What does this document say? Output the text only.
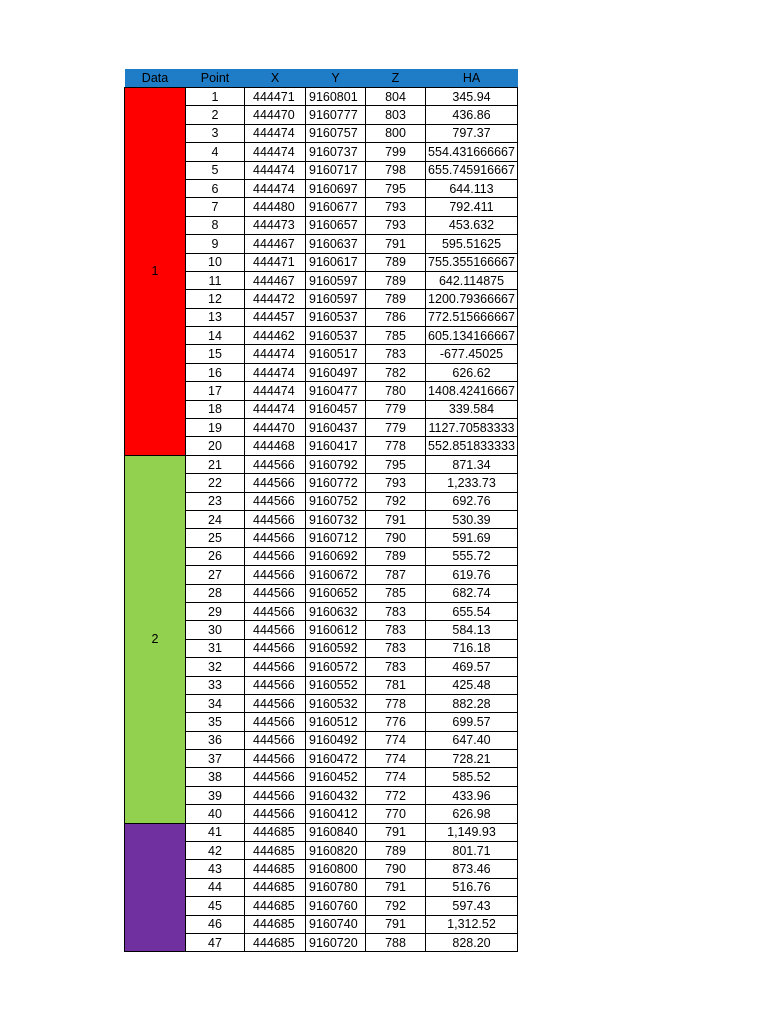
Data	Point	X	Y	Z	HA
1	1	444471	9160801	804	345.94
	2	444470	9160777	803	436.86
	3	444474	9160757	800	797.37
	4	444474	9160737	799	554.431666667
	5	444474	9160717	798	655.745916667
	6	444474	9160697	795	644.113
	7	444480	9160677	793	792.411
	8	444473	9160657	793	453.632
	9	444467	9160637	791	595.51625
	10	444471	9160617	789	755.355166667
	11	444467	9160597	789	642.114875
	12	444472	9160597	789	1200.79366667
	13	444457	9160537	786	772.515666667
	14	444462	9160537	785	605.134166667
	15	444474	9160517	783	-677.45025
	16	444474	9160497	782	626.62
	17	444474	9160477	780	1408.42416667
	18	444474	9160457	779	339.584
	19	444470	9160437	779	1127.70583333
	20	444468	9160417	778	552.851833333
2	21	444566	9160792	795	871.34
	22	444566	9160772	793	1,233.73
	23	444566	9160752	792	692.76
	24	444566	9160732	791	530.39
	25	444566	9160712	790	591.69
	26	444566	9160692	789	555.72
	27	444566	9160672	787	619.76
	28	444566	9160652	785	682.74
	29	444566	9160632	783	655.54
	30	444566	9160612	783	584.13
	31	444566	9160592	783	716.18
	32	444566	9160572	783	469.57
	33	444566	9160552	781	425.48
	34	444566	9160532	778	882.28
	35	444566	9160512	776	699.57
	36	444566	9160492	774	647.40
	37	444566	9160472	774	728.21
	38	444566	9160452	774	585.52
	39	444566	9160432	772	433.96
	40	444566	9160412	770	626.98
	41	444685	9160840	791	1,149.93
	42	444685	9160820	789	801.71
	43	444685	9160800	790	873.46
	44	444685	9160780	791	516.76
	45	444685	9160760	792	597.43
	46	444685	9160740	791	1,312.52
	47	444685	9160720	788	828.20
